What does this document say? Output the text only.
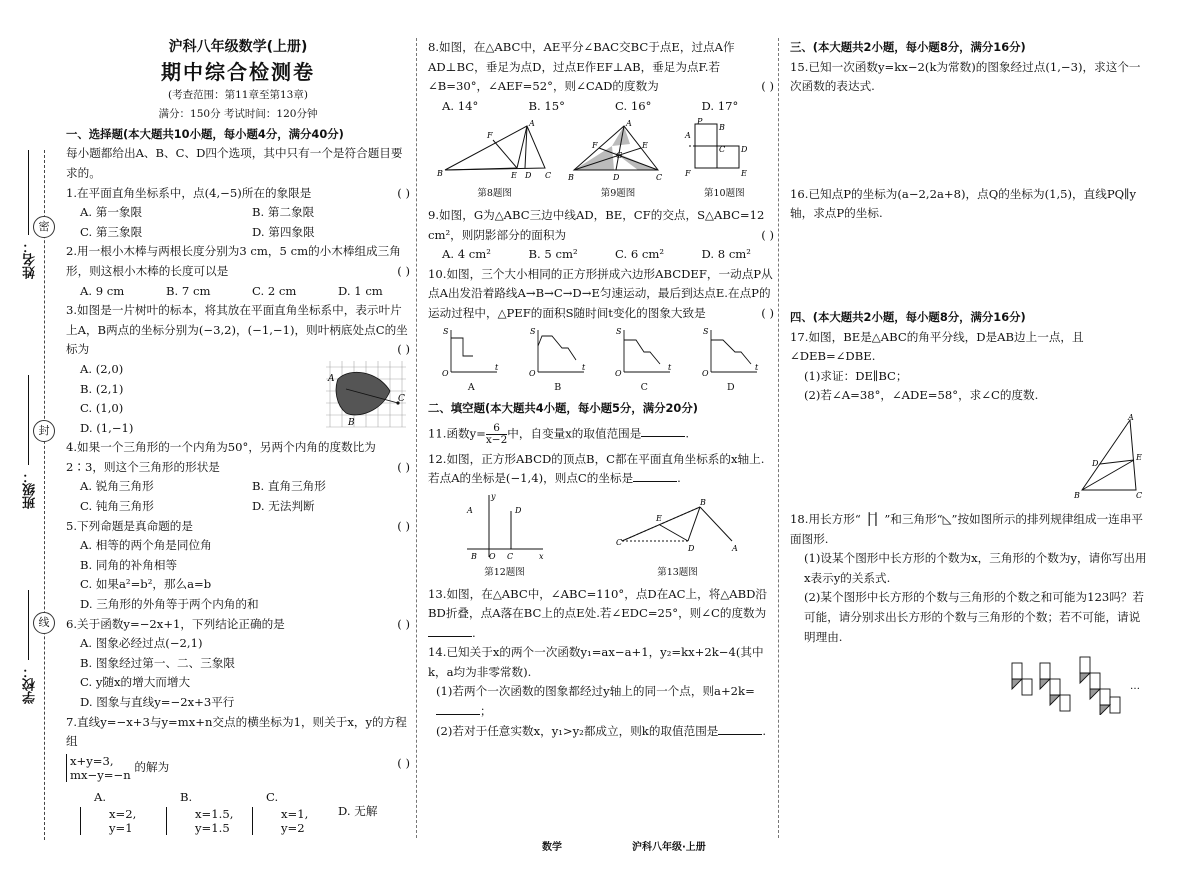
姓名：
班级：
学校：
密
封
线
沪科八年级数学(上册)
期中综合检测卷
(考查范围：第11章至第13章)
满分：150分 考试时间：120分钟
一、选择题(本大题共10小题，每小题4分，满分40分)
每小题都给出A、B、C、D四个选项，其中只有一个是符合题目要求的。
1.在平面直角坐标系中，点(4,−5)所在的象限是	( )
A. 第一象限	B. 第二象限
C. 第三象限	D. 第四象限
2.用一根小木棒与两根长度分别为3 cm，5 cm的小木棒组成三角形，则这根小木棒的长度可以是	( )
A. 9 cm	B. 7 cm	C. 2 cm	D. 1 cm
3.如图是一片树叶的标本，将其放在平面直角坐标系中，表示叶片上A，B两点的坐标分别为(−3,2)，(−1,−1)，则叶柄底处点C的坐标为	( )
A. (2,0)
B. (2,1)
C. (1,0)
D. (1,−1)
A
B
C
4.如果一个三角形的一个内角为50°，另两个内角的度数比为2∶3，则这个三角形的形状是	( )
A. 锐角三角形	B. 直角三角形
C. 钝角三角形	D. 无法判断
5.下列命题是真命题的是	( )
A. 相等的两个角是同位角
B. 同角的补角相等
C. 如果a²=b²，那么a=b
D. 三角形的外角等于两个内角的和
6.关于函数y=−2x+1，下列结论正确的是	( )
A. 图象必经过点(−2,1)
B. 图象经过第一、二、三象限
C. y随x的增大而增大
D. 图象与直线y=−2x+3平行
7.直线y=−x+3与y=mx+n交点的横坐标为1，则关于x，y的方程组
x+y=3,
mx−y=−n 的解为	( )
A.x=2,
y=1
B.x=1.5,
y=1.5
C.x=1,
y=2
D. 无解
8.如图，在△ABC中，AE平分∠BAC交BC于点E，过点A作AD⊥BC，垂足为点D，过点E作EF⊥AB，垂足为点F.若∠B=30°，∠AEF=52°，则∠CAD的度数为	( )
A. 14°	B. 15°	C. 16°	D. 17°
A
B	C
D
E
F
第8题图
A
B	C
D
E
F
G
第9题图
P
A
B
C D
E
F
第10题图
9.如图，G为△ABC三边中线AD，BE，CF的交点，S△ABC=12 cm²，则阴影部分的面积为	( )
A. 4 cm²	B. 5 cm²	C. 6 cm²	D. 8 cm²
10.如图，三个大小相同的正方形拼成六边形ABCDEF，一动点P从点A出发沿着路线A→B→C→D→E匀速运动，最后到达点E.在点P的运动过程中，△PEF的面积S随时间t变化的图象大致是	( )
S
O
t
A
S
O
t
B
S
O
t
C
S
O
t
D
二、填空题(本大题共4小题，每小题5分，满分20分)
11.函数$y= \frac{6}{x-2}$中，自变量x的取值范围是	.
12.如图，正方形ABCD的顶点B，C都在平面直角坐标系的x轴上.若点A的坐标是(−1,4)，则点C的坐标是	.
y
A	D
B O C	x
第12题图
C
B
A
D
E
第13题图
13.如图，在△ABC中，∠ABC=110°，点D在AC上，将△ABD沿BD折叠，点A落在BC上的点E处.若∠EDC=25°，则∠C的度数为.
14.已知关于x的两个一次函数y₁=ax−a+1，y₂=kx+2k−4(其中k，a均为非零常数).
(1)若两个一次函数的图象都经过y轴上的同一个点，则a+2k=；
(2)若对于任意实数x，y₁>y₂都成立，则k的取值范围是	.
三、(本大题共2小题，每小题8分，满分16分)
15.已知一次函数y=kx−2(k为常数)的图象经过点(1,−3)，求这个一次函数的表达式.
16.已知点P的坐标为(a−2,2a+8)，点Q的坐标为(1,5)，直线PQ∥y轴，求点P的坐标.
四、(本大题共2小题，每小题8分，满分16分)
17.如图，BE是△ABC的角平分线，D是AB边上一点，且∠DEB=∠DBE.
(1)求证：DE∥BC；
(2)若∠A=38°，∠ADE=58°，求∠C的度数.
A
B	C
D
E
18.用长方形“▕‾▏”和三角形“◺”按如图所示的排列规律组成一连串平面图形.
(1)设某个图形中长方形的个数为x，三角形的个数为y，请你写出用x表示y的关系式.
(2)某个图形中长方形的个数与三角形的个数之和可能为123吗？若可能，请分别求出长方形的个数与三角形的个数；若不可能，请说明理由.
…
数学	沪科八年级·上册
